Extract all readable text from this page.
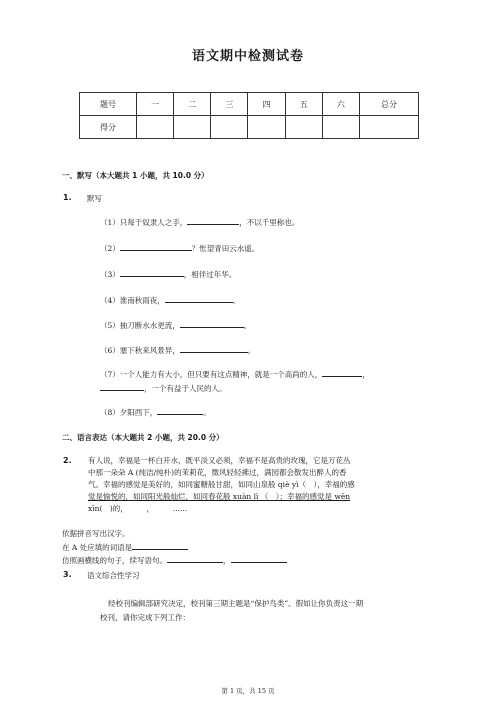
语文期中检测试卷
题号	一	二	三	四	五	六	总分
得分							
一、默写（本大题共 1 小题，共 10.0 分）
1. 默写
（1）只每于奴隶人之手，	，不以千里称也。
（2）	？怅望青田云水遥。
（3）	，相伴过年华。
（4）淮南秋雨夜，	。
（5）抽刀断水水更流，	。
（6）塞下秋来风景异，	。
（7）一个人能力有大小，但只要有这点精神，就是一个高尚的人，	，
，一个有益于人民的人。
（8）夕阳西下，	。
二、语言表达（本大题共 2 小题，共 20.0 分）
2. 有人说，幸福是一杯白开水，既平淡又必须，幸福不是高贵的玫瑰，它是万花丛
中那一朵朵 A (纯洁/纯朴)的茉莉花，微风轻轻拂过，满园都会散发出醉人的香
气。幸福的感觉是美好的，如同蜜糖般甘甜，如同山泉般 qiè yì（　），幸福的感
觉是愉悦的，如同阳光般灿烂，如同春花般 xuàn lì （　）；幸福的感觉是 wēn
xīn(　)的，　　　，　　　......
依据拼音写出汉字。
在 A 处应填的词语是
仿照画横线的句子，续写语句。	，
3. 语文综合性学习
经校刊编辑部研究决定，校刊第三期主题是“保护鸟类”。假如让你负责这一期
校刊，请你完成下列工作：
第 1 页，共 15 页
